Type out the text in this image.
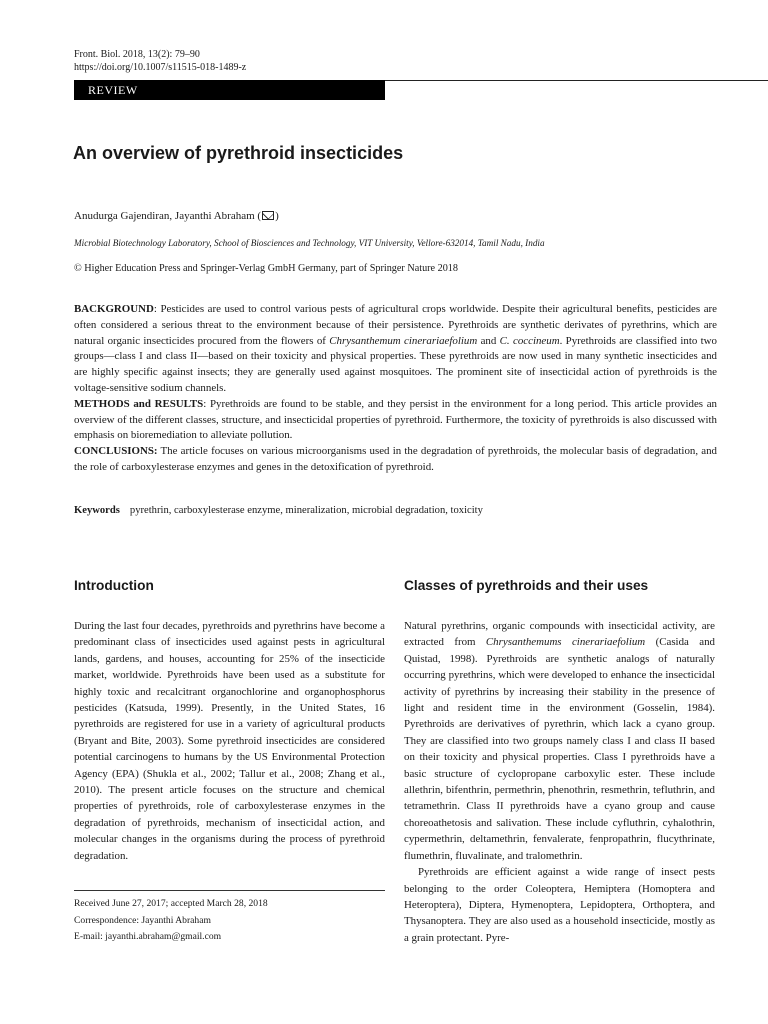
Front. Biol. 2018, 13(2): 79–90
https://doi.org/10.1007/s11515-018-1489-z
REVIEW
An overview of pyrethroid insecticides
Anudurga Gajendiran, Jayanthi Abraham ( )
Microbial Biotechnology Laboratory, School of Biosciences and Technology, VIT University, Vellore-632014, Tamil Nadu, India
© Higher Education Press and Springer-Verlag GmbH Germany, part of Springer Nature 2018

BACKGROUND: Pesticides are used to control various pests of agricultural crops worldwide. Despite their agricultural benefits, pesticides are often considered a serious threat to the environment because of their persistence. Pyrethroids are synthetic derivates of pyrethrins, which are natural organic insecticides procured from the flowers of Chrysanthemum cinerariaefolium and C. coccineum. Pyrethroids are classified into two groups—class I and class II—based on their toxicity and physical properties. These pyrethroids are now used in many synthetic insecticides and are highly specific against insects; they are generally used against mosquitoes. The prominent site of insecticidal action of pyrethroids is the voltage-sensitive sodium channels.

METHODS and RESULTS: Pyrethroids are found to be stable, and they persist in the environment for a long period. This article provides an overview of the different classes, structure, and insecticidal properties of pyrethroid. Furthermore, the toxicity of pyrethroids is also discussed with emphasis on bioremediation to alleviate pollution.

CONCLUSIONS: The article focuses on various microorganisms used in the degradation of pyrethroids, the molecular basis of degradation, and the role of carboxylesterase enzymes and genes in the detoxification of pyrethroid.

Keywords pyrethrin, carboxylesterase enzyme, mineralization, microbial degradation, toxicity
Introduction

During the last four decades, pyrethroids and pyrethrins have become a predominant class of insecticides used against pests in agricultural lands, gardens, and houses, accounting for 25% of the insecticide market, worldwide. Pyrethroids have been used as a substitute for highly toxic and recalcitrant organochlorine and organophosphorus pesticides (Katsuda, 1999). Presently, in the United States, 16 pyrethroids are registered for use in a variety of agricultural products (Bryant and Bite, 2003). Some pyrethroid insecticides are considered potential carcinogens to humans by the US Environmental Protection Agency (EPA) (Shukla et al., 2002; Tallur et al., 2008; Zhang et al., 2010). The present article focuses on the structure and chemical properties of pyrethroids, role of carboxylesterase enzymes in the degradation of pyrethroids, mechanism of insecticidal action, and molecular changes in the organisms during the process of pyrethroid degradation.

Classes of pyrethroids and their uses

Natural pyrethrins, organic compounds with insecticidal activity, are extracted from Chrysanthemums cinerariaefolium (Casida and Quistad, 1998). Pyrethroids are synthetic analogs of naturally occurring pyrethrins, which were developed to enhance the insecticidal activity of pyrethrins by increasing their stability in the presence of light and resident time in the environment (Gosselin, 1984). Pyrethroids are derivatives of pyrethrin, which lack a cyano group. They are classified into two groups namely class I and class II based on their toxicity and physical properties. Class I pyrethroids have a basic structure of cyclopropane carboxylic ester. These include allethrin, bifenthrin, permethrin, phenothrin, resmethrin, tefluthrin, and tetramethrin. Class II pyrethroids have a cyano group and cause choreoathetosis and salivation. These include cyfluthrin, cyhalothrin, cypermethrin, deltamethrin, fenvalerate, fenpropathrin, flucythrinate, flumethrin, fluvalinate, and tralomethrin.

Pyrethroids are efficient against a wide range of insect pests belonging to the order Coleoptera, Hemiptera (Homoptera and Heteroptera), Diptera, Hymenoptera, Lepidoptera, Orthoptera, and Thysanoptera. They are also used as a household insecticide, mostly as a grain protectant. Pyre-

Received June 27, 2017; accepted March 28, 2018
Correspondence: Jayanthi Abraham
E-mail: jayanthi.abraham@gmail.com
